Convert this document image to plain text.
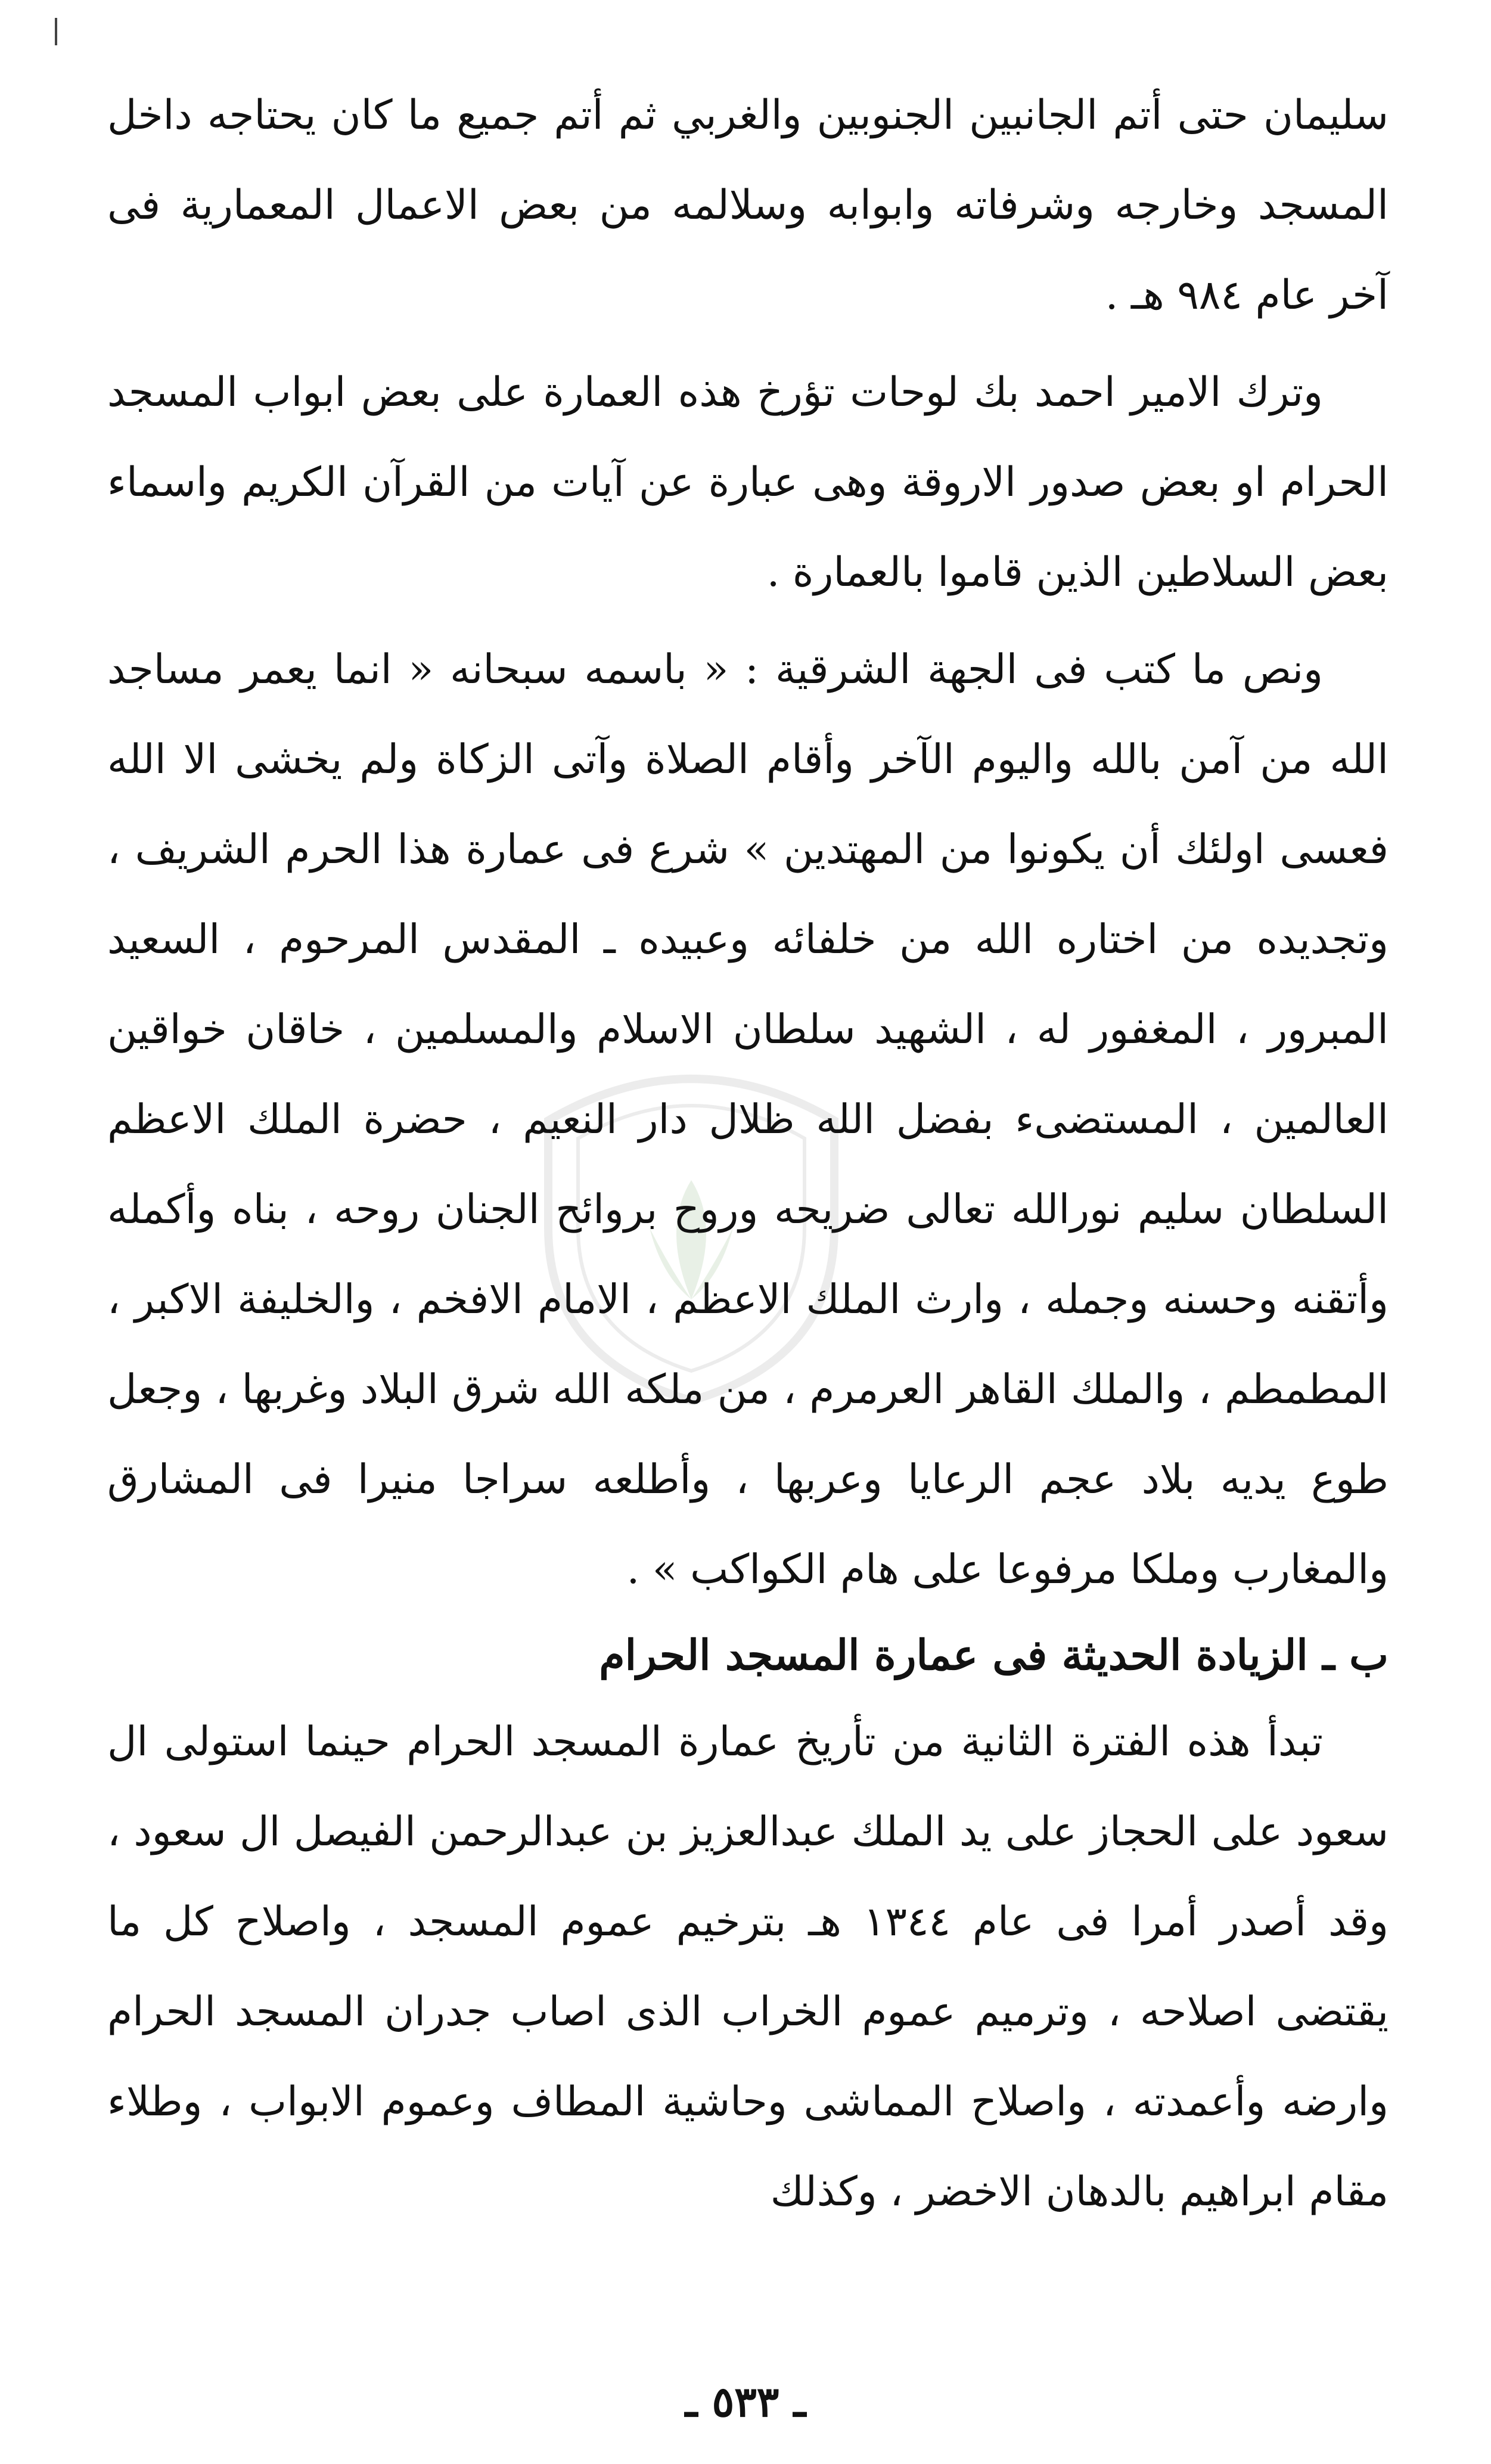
سليمان حتى أتم الجانبين الجنوبين والغربي ثم أتم جميع ما كان يحتاجه داخل المسجد وخارجه وشرفاته وابوابه وسلالمه من بعض الاعمال المعمارية فى آخر عام ٩٨٤ هـ .

وترك الامير احمد بك لوحات تؤرخ هذه العمارة على بعض ابواب المسجد الحرام او بعض صدور الاروقة وهى عبارة عن آيات من القرآن الكريم واسماء بعض السلاطين الذين قاموا بالعمارة .

ونص ما كتب فى الجهة الشرقية : « باسمه سبحانه « انما يعمر مساجد الله من آمن بالله واليوم الآخر وأقام الصلاة وآتى الزكاة ولم يخشى الا الله فعسى اولئك أن يكونوا من المهتدين » شرع فى عمارة هذا الحرم الشريف ، وتجديده من اختاره الله من خلفائه وعبيده ـ المقدس المرحوم ، السعيد المبرور ، المغفور له ، الشهيد سلطان الاسلام والمسلمين ، خاقان خواقين العالمين ، المستضىء بفضل الله ظلال دار النعيم ، حضرة الملك الاعظم السلطان سليم نورالله تعالى ضريحه وروح بروائح الجنان روحه ، بناه وأكمله وأتقنه وحسنه وجمله ، وارث الملك الاعظم ، الامام الافخم ، والخليفة الاكبر ، المطمطم ، والملك القاهر العرمرم ، من ملكه الله شرق البلاد وغربها ، وجعل طوع يديه بلاد عجم الرعايا وعربها ، وأطلعه سراجا منيرا فى المشارق والمغارب وملكا مرفوعا على هام الكواكب » .

ب ـ الزيادة الحديثة فى عمارة المسجد الحرام

تبدأ هذه الفترة الثانية من تأريخ عمارة المسجد الحرام حينما استولى ال سعود على الحجاز على يد الملك عبدالعزيز بن عبدالرحمن الفيصل ال سعود ، وقد أصدر أمرا فى عام ١٣٤٤ هـ بترخيم عموم المسجد ، واصلاح كل ما يقتضى اصلاحه ، وترميم عموم الخراب الذى اصاب جدران المسجد الحرام وارضه وأعمدته ، واصلاح المماشى وحاشية المطاف وعموم الابواب ، وطلاء مقام ابراهيم بالدهان الاخضر ، وكذلك

ـ ٥٣٣ ـ
